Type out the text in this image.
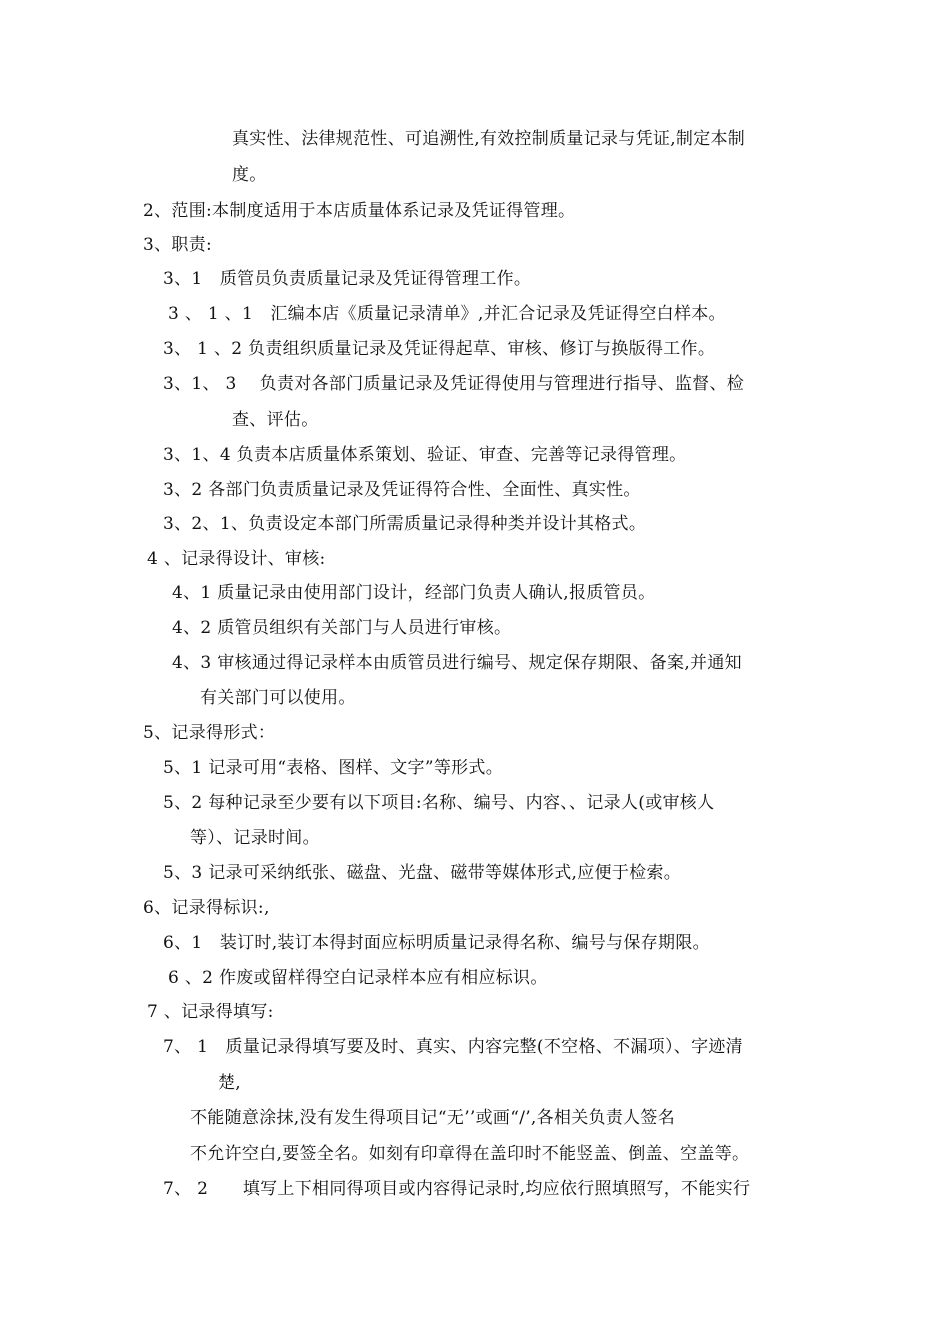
真实性、法律规范性、可追溯性,有效控制质量记录与凭证,制定本制

度。

2、范围:本制度适用于本店质量体系记录及凭证得管理。

3、职责:

3、1　质管员负责质量记录及凭证得管理工作。

3 、 1 、1　汇编本店《质量记录清单》,并汇合记录及凭证得空白样本。

3、 1 、2 负责组织质量记录及凭证得起草、审核、修订与换版得工作。

3、1、 3　 负责对各部门质量记录及凭证得使用与管理进行指导、监督、检

查、评估。

3、1、4 负责本店质量体系策划、验证、审查、完善等记录得管理。

3、2 各部门负责质量记录及凭证得符合性、全面性、真实性。

3、2、1、负责设定本部门所需质量记录得种类并设计其格式。

4 、记录得设计、审核:

4、1 质量记录由使用部门设计，经部门负责人确认,报质管员。

4、2 质管员组织有关部门与人员进行审核。

4、3 审核通过得记录样本由质管员进行编号、规定保存期限、备案,并通知

有关部门可以使用。

5、记录得形式：

5、1 记录可用“表格、图样、文字”等形式。

5、2 每种记录至少要有以下项目:名称、编号、内容、、记录人(或审核人

等）、记录时间。

5、3 记录可采纳纸张、磁盘、光盘、磁带等媒体形式,应便于检索。

6、记录得标识:,

6、1　装订时,装订本得封面应标明质量记录得名称、编号与保存期限。

6 、2 作废或留样得空白记录样本应有相应标识。

7 、记录得填写:

7、 1　质量记录得填写要及时、真实、内容完整(不空格、不漏项）、字迹清

楚,

不能随意涂抹,没有发生得项目记“无’’或画“/’,各相关负责人签名

不允许空白,要签全名。如刻有印章得在盖印时不能竖盖、倒盖、空盖等。

7、 2　　填写上下相同得项目或内容得记录时,均应依行照填照写，不能实行
